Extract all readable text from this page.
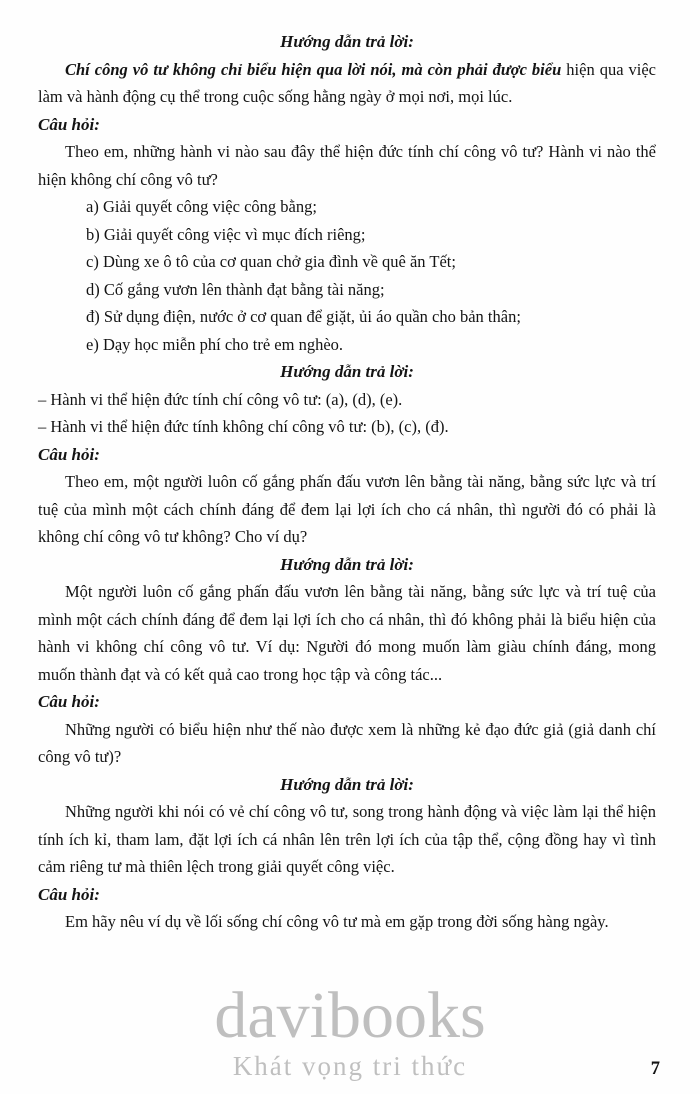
davibooks
Khát vọng tri thức
Hướng dẫn trả lời:

Chí công vô tư không chỉ biểu hiện qua lời nói, mà còn phải được biểu hiện qua việc làm và hành động cụ thể trong cuộc sống hằng ngày ở mọi nơi, mọi lúc.

Câu hỏi:

Theo em, những hành vi nào sau đây thể hiện đức tính chí công vô tư? Hành vi nào thể hiện không chí công vô tư?

a) Giải quyết công việc công bằng;
b) Giải quyết công việc vì mục đích riêng;
c) Dùng xe ô tô của cơ quan chở gia đình về quê ăn Tết;
d) Cố gắng vươn lên thành đạt bằng tài năng;
đ) Sử dụng điện, nước ở cơ quan để giặt, ủi áo quần cho bản thân;
e) Dạy học miễn phí cho trẻ em nghèo.
Hướng dẫn trả lời:
– Hành vi thể hiện đức tính chí công vô tư: (a), (d), (e).
– Hành vi thể hiện đức tính không chí công vô tư: (b), (c), (đ).
Câu hỏi:

Theo em, một người luôn cố gắng phấn đấu vươn lên bằng tài năng, bằng sức lực và trí tuệ của mình một cách chính đáng để đem lại lợi ích cho cá nhân, thì người đó có phải là không chí công vô tư không? Cho ví dụ?

Hướng dẫn trả lời:

Một người luôn cố gắng phấn đấu vươn lên bằng tài năng, bằng sức lực và trí tuệ của mình một cách chính đáng để đem lại lợi ích cho cá nhân, thì đó không phải là biểu hiện của hành vi không chí công vô tư. Ví dụ: Người đó mong muốn làm giàu chính đáng, mong muốn thành đạt và có kết quả cao trong học tập và công tác...

Câu hỏi:

Những người có biểu hiện như thế nào được xem là những kẻ đạo đức giả (giả danh chí công vô tư)?

Hướng dẫn trả lời:

Những người khi nói có vẻ chí công vô tư, song trong hành động và việc làm lại thể hiện tính ích kỉ, tham lam, đặt lợi ích cá nhân lên trên lợi ích của tập thể, cộng đồng hay vì tình cảm riêng tư mà thiên lệch trong giải quyết công việc.

Câu hỏi:

Em hãy nêu ví dụ về lối sống chí công vô tư mà em gặp trong đời sống hàng ngày.

7
